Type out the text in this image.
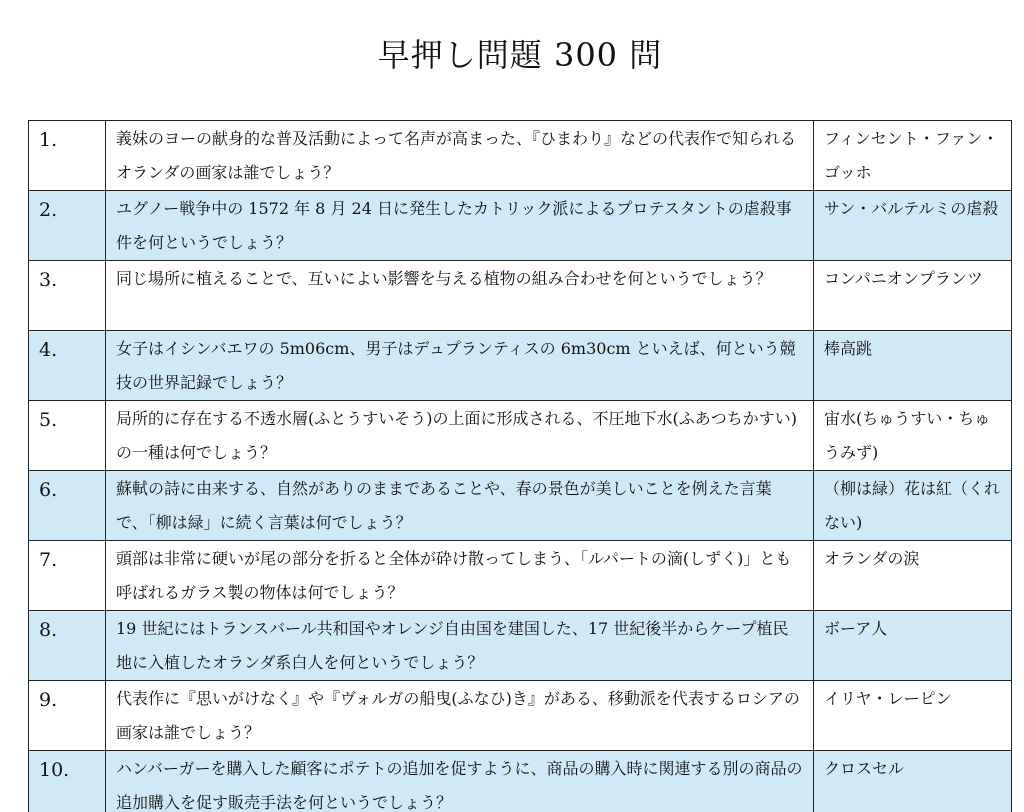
早押し問題 300 問
1.	義妹のヨーの献身的な普及活動によって名声が高まった、『ひまわり』などの代表作で知られるオランダの画家は誰でしょう？	フィンセント・ファン・ゴッホ
2.	ユグノー戦争中の 1572 年 8 月 24 日に発生したカトリック派によるプロテスタントの虐殺事件を何というでしょう？	サン・バルテルミの虐殺
3.	同じ場所に植えることで、互いによい影響を与える植物の組み合わせを何というでしょう？	コンパニオンプランツ
4.	女子はイシンバエワの 5m06cm、男子はデュプランティスの 6m30cm といえば、何という競技の世界記録でしょう？	棒高跳
5.	局所的に存在する不透水層(ふとうすいそう)の上面に形成される、不圧地下水(ふあつちかすい)の一種は何でしょう？	宙水(ちゅうすい・ちゅうみず)
6.	蘇軾の詩に由来する、自然がありのままであることや、春の景色が美しいことを例えた言葉で、「柳は緑」に続く言葉は何でしょう？	（柳は緑）花は紅（くれない)
7.	頭部は非常に硬いが尾の部分を折ると全体が砕け散ってしまう、「ルパートの滴(しずく)」とも呼ばれるガラス製の物体は何でしょう？	オランダの涙
8.	19 世紀にはトランスバール共和国やオレンジ自由国を建国した、17 世紀後半からケープ植民地に入植したオランダ系白人を何というでしょう？	ボーア人
9.	代表作に『思いがけなく』や『ヴォルガの船曳(ふなひ)き』がある、移動派を代表するロシアの画家は誰でしょう？	イリヤ・レーピン
10.	ハンバーガーを購入した顧客にポテトの追加を促すように、商品の購入時に関連する別の商品の追加購入を促す販売手法を何というでしょう？	クロスセル
